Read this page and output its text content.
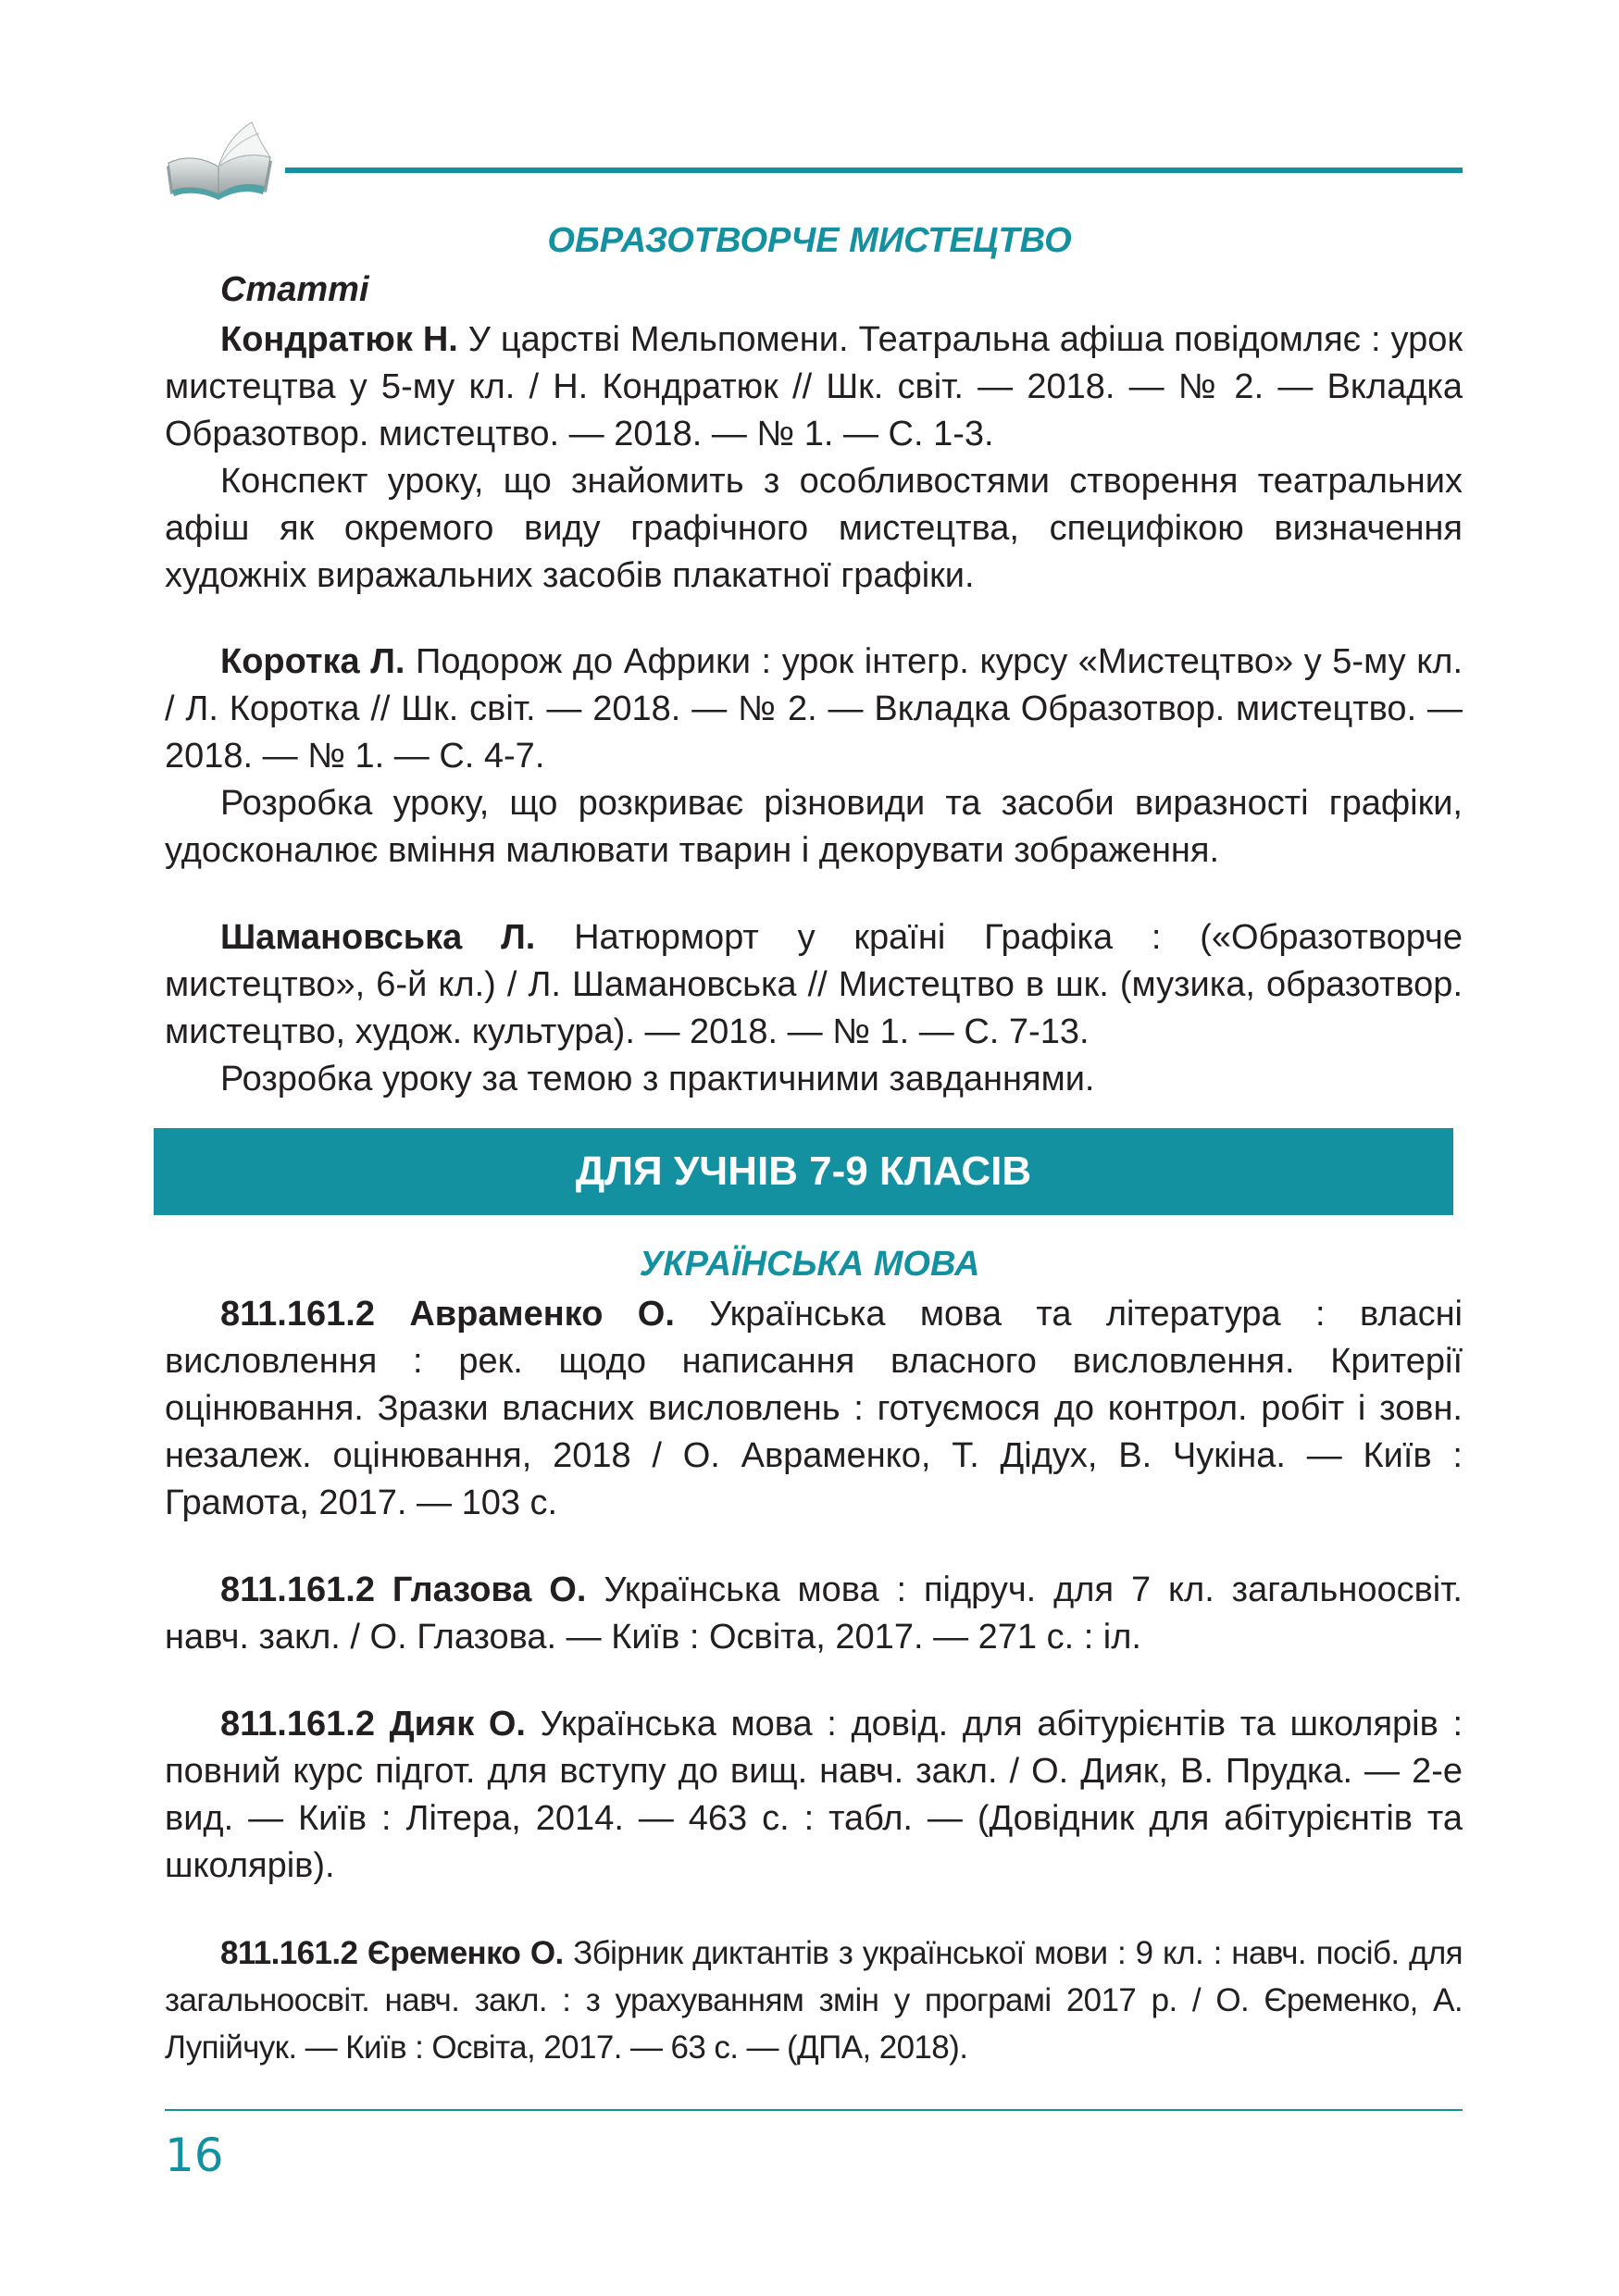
ОБРАЗОТВОРЧЕ МИСТЕЦТВО
Статті

Кондратюк Н. У царстві Мельпомени. Театральна афіша повідомляє : урок мистецтва у 5-му кл. / Н. Кондратюк // Шк. світ. — 2018. — № 2. — Вкладка Образотвор. мистецтво. — 2018. — № 1. — С. 1-3.

Конспект уроку, що знайомить з особливостями створення театральних афіш як окремого виду графічного мистецтва, специфікою визначення художніх виражальних засобів плакатної графіки.

Коротка Л. Подорож до Африки : урок інтегр. курсу «Мистецтво» у 5-му кл. / Л. Коротка // Шк. світ. — 2018. — № 2. — Вкладка Образотвор. мистецтво. — 2018. — № 1. — С. 4-7.

Розробка уроку, що розкриває різновиди та засоби виразності графіки, удосконалює вміння малювати тварин і декорувати зображення.

Шамановська Л. Натюрморт у країні Графіка : («Образотворче мистецтво», 6-й кл.) / Л. Шамановська // Мистецтво в шк. (музика, образотвор. мистецтво, худож. культура). — 2018. — № 1. — С. 7-13.

Розробка уроку за темою з практичними завданнями.

ДЛЯ УЧНІВ 7-9 КЛАСІВ
УКРАЇНСЬКА МОВА

811.161.2 Авраменко О. Українська мова та література : власні висловлення : рек. щодо написання власного висловлення. Критерії оцінювання. Зразки власних висловлень : готуємося до контрол. робіт і зовн. незалеж. оцінювання, 2018 / О. Авраменко, Т. Дідух, В. Чукіна. — Київ : Грамота, 2017. — 103 с.

811.161.2 Глазова О. Українська мова : підруч. для 7 кл. загальноосвіт. навч. закл. / О. Глазова. — Київ : Освіта, 2017. — 271 с. : іл.

811.161.2 Дияк О. Українська мова : довід. для абітурієнтів та школярів : повний курс підгот. для вступу до вищ. навч. закл. / О. Дияк, В. Прудка. — 2-е вид. — Київ : Літера, 2014. — 463 с. : табл. — (Довідник для абітурієнтів та школярів).

811.161.2 Єременко О. Збірник диктантів з української мови : 9 кл. : навч. посіб. для загальноосвіт. навч. закл. : з урахуванням змін у програмі 2017 р. / О. Єременко, А. Лупійчук. — Київ : Освіта, 2017. — 63 с. — (ДПА, 2018).

16
